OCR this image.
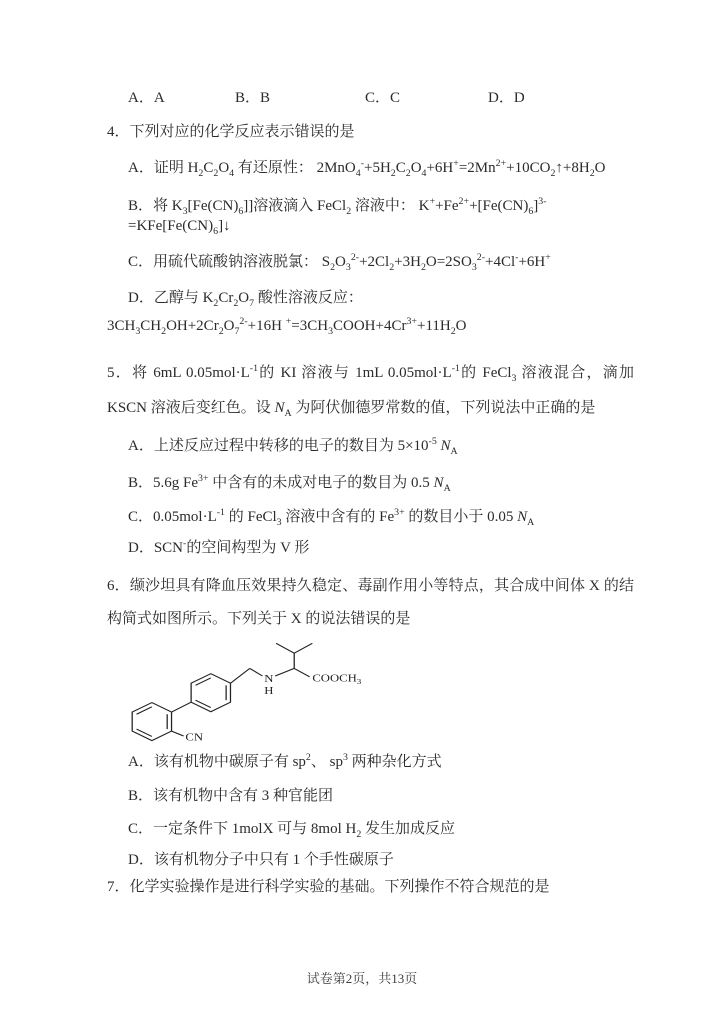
A．A	B．B	C．C	D．D

4．下列对应的化学反应表示错误的是

A．证明 $H_2C_2O_4$ 有还原性： $2MnO_4^-+5H_2C_2O_4+6H^+=2Mn^{2+}+10CO_2↑+8H_2O$

B．将 $K_3[Fe(CN)_6]$]溶液滴入 FeCl$_2$ 溶液中： $K^++Fe^{2+}+[Fe(CN)_6]^{3-}=KFe[Fe(CN)_6]↓$

C．用硫代硫酸钠溶液脱氯： $S_2O_3^{2-}+2Cl_2+3H_2O=2SO_3^{2-}+4Cl^-+6H^+$

D．乙醇与 $K_2Cr_2O_7$ 酸性溶液反应：

$3CH_3CH_2OH+2Cr_2O_7^{2-}+16H$ $^+=3CH_3COOH+4Cr^{3+}+11H_2O$

5．将 6mL $0.05mol\cdot L^{-1}$的 KI 溶液与 1mL $0.05mol\cdot L^{-1}$的 FeCl$_3$ 溶液混合，滴加 KSCN 溶液后变红色。设 $N_A$ 为阿伏伽德罗常数的值，下列说法中正确的是

A．上述反应过程中转移的电子的数目为 $5\times 10^{-5}$ $N_A$

B．5.6g $Fe^{3+}$ 中含有的未成对电子的数目为 0.5 $N_A$

C．$0.05mol\cdot L^{-1}$ 的 FeCl$_3$ 溶液中含有的 $Fe^{3+}$ 的数目小于 0.05 $N_A$

D．SCN-的空间构型为 V 形

6．缬沙坦具有降血压效果持久稳定、毒副作用小等特点，其合成中间体 X 的结构简式如图所示。下列关于 X 的说法错误的是

CN
N
H
$COOCH_3$

A．该有机物中碳原子有 $sp^2$、 $sp^3$ 两种杂化方式

B．该有机物中含有 3 种官能团

C．一定条件下 1molX 可与 8mol $H_2$ 发生加成反应

D．该有机物分子中只有 1 个手性碳原子

7．化学实验操作是进行科学实验的基础。下列操作不符合规范的是

试卷第2页，共13页
